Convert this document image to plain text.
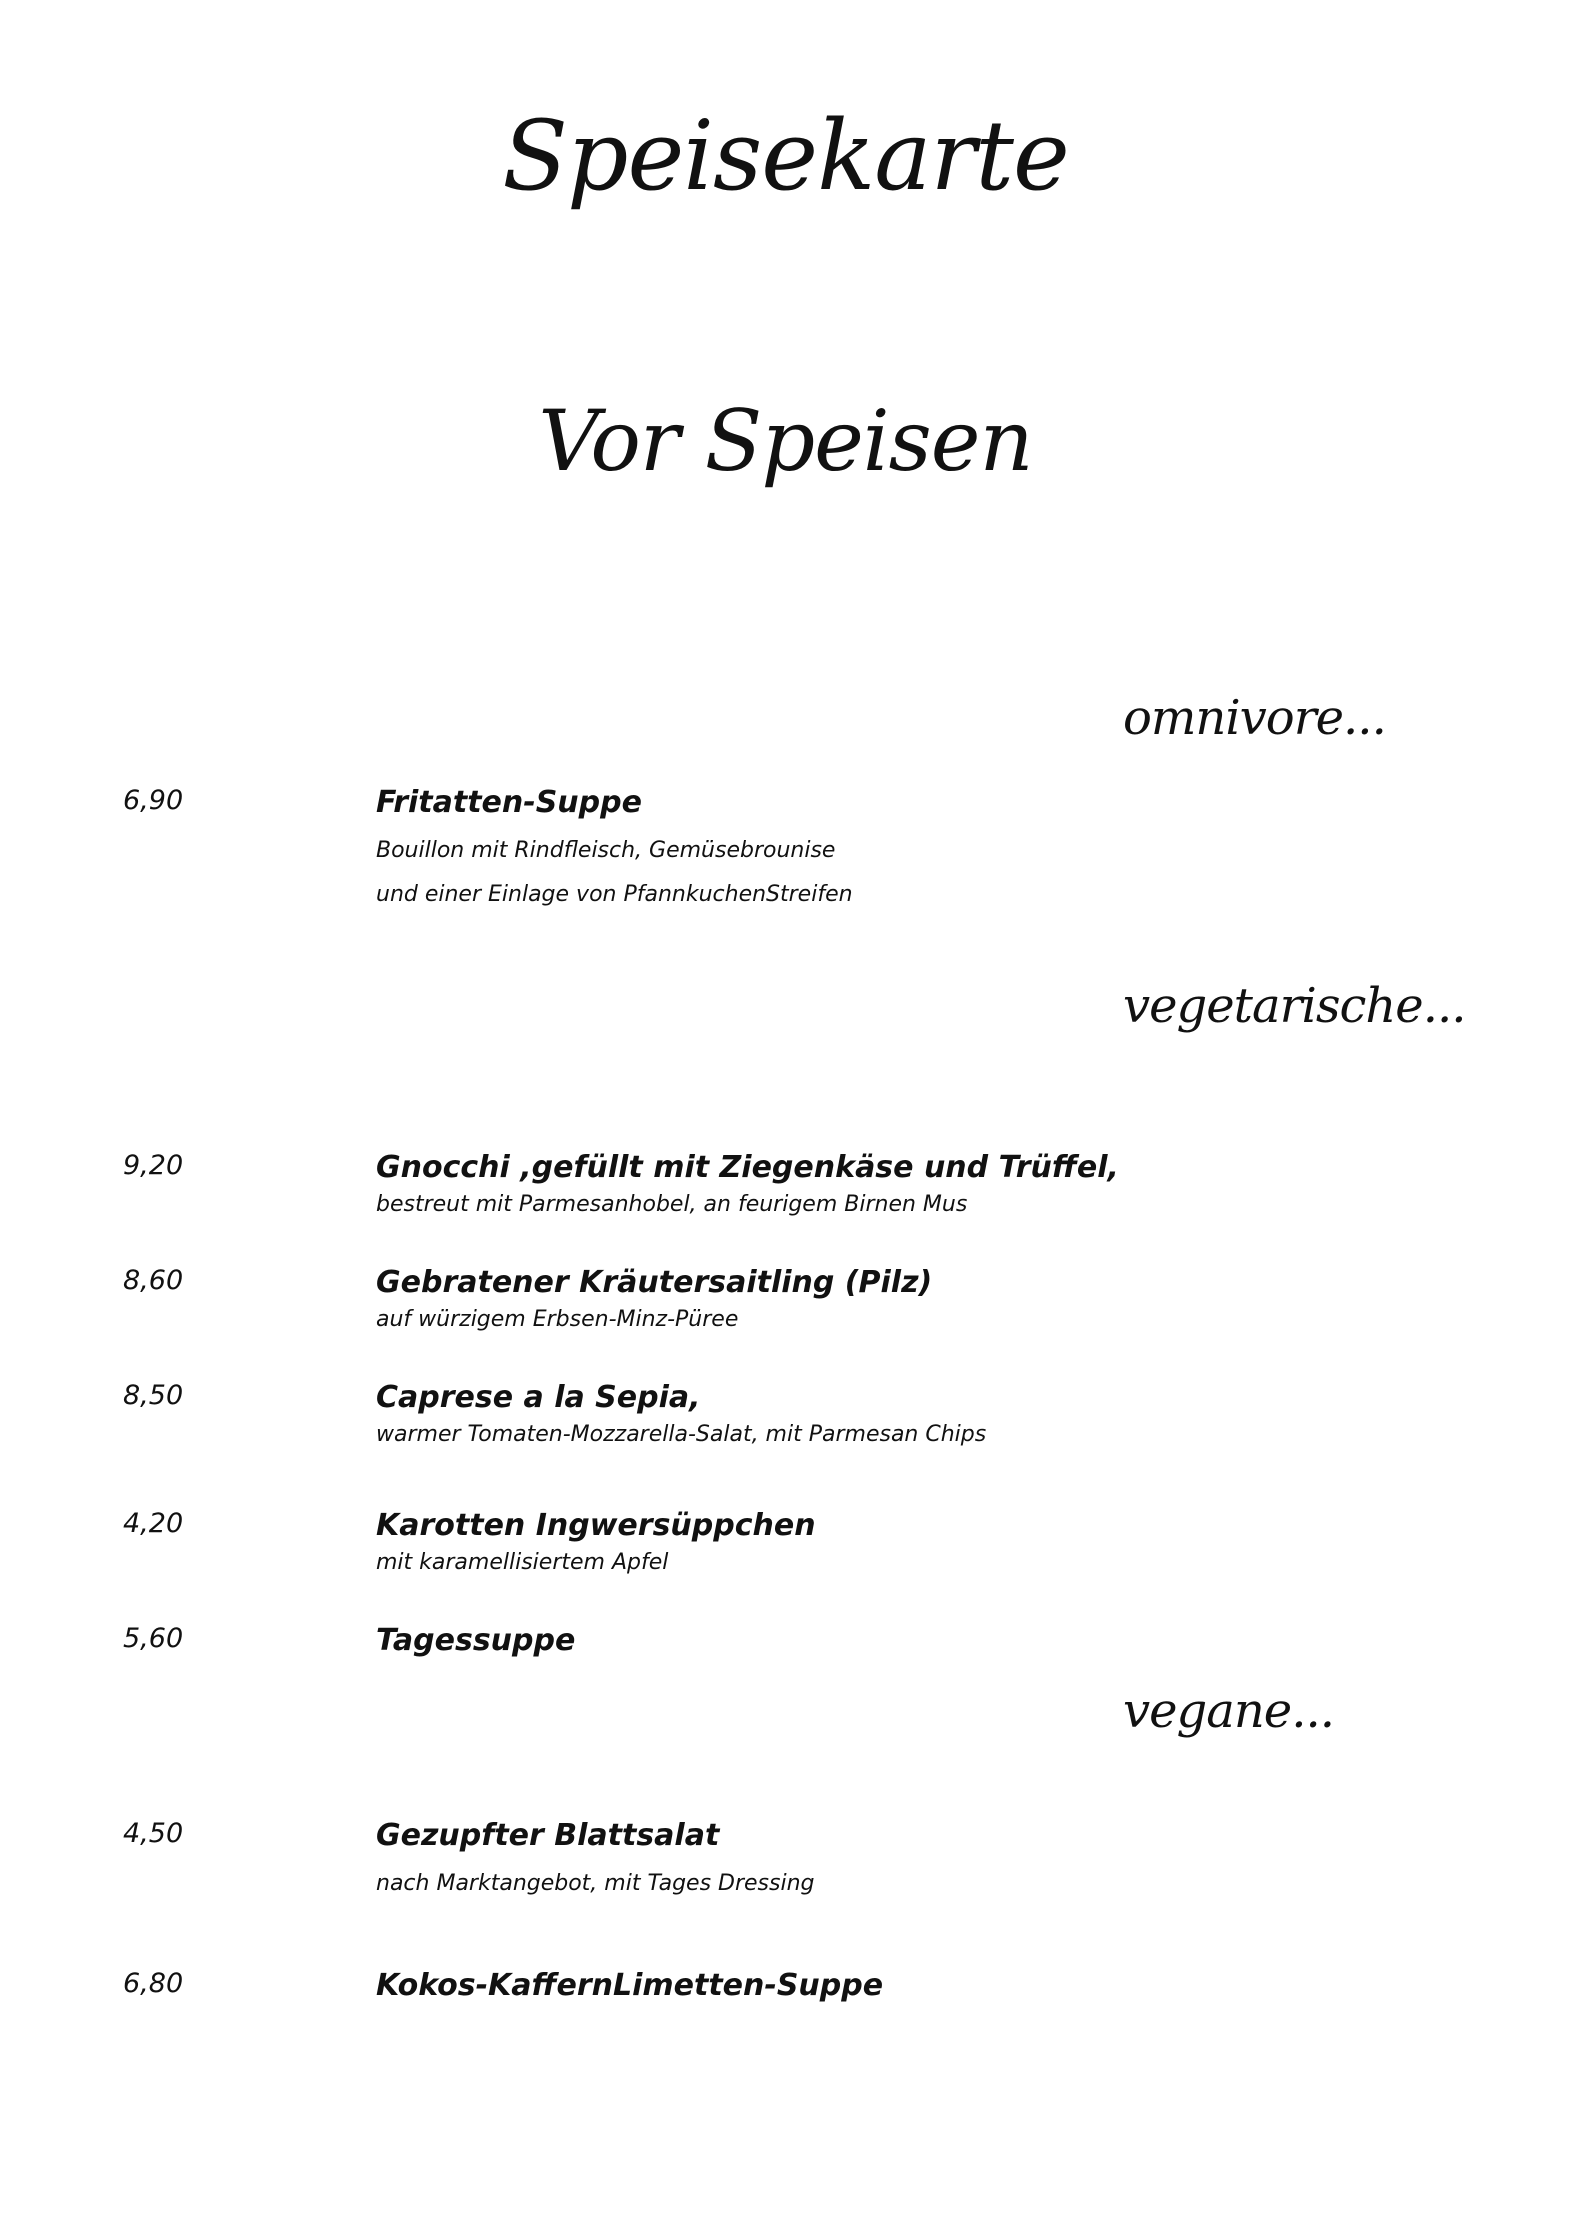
Speisekarte
Vor Speisen
omnivore...
6,90	Fritatten-Suppe
Bouillon mit Rindfleisch, Gemüsebrounise
und einer Einlage von PfannkuchenStreifen
vegetarische...
9,20	Gnocchi ,gefüllt mit Ziegenkäse und Trüffel,
bestreut mit Parmesanhobel, an feurigem Birnen Mus
8,60	Gebratener Kräutersaitling (Pilz)
auf würzigem Erbsen-Minz-Püree
8,50	Caprese a la Sepia,
warmer Tomaten-Mozzarella-Salat, mit Parmesan Chips
4,20	Karotten Ingwersüppchen
mit karamellisiertem Apfel
5,60	Tagessuppe
vegane...
4,50	Gezupfter Blattsalat
nach Marktangebot, mit Tages Dressing
6,80	Kokos-KaffernLimetten-Suppe
